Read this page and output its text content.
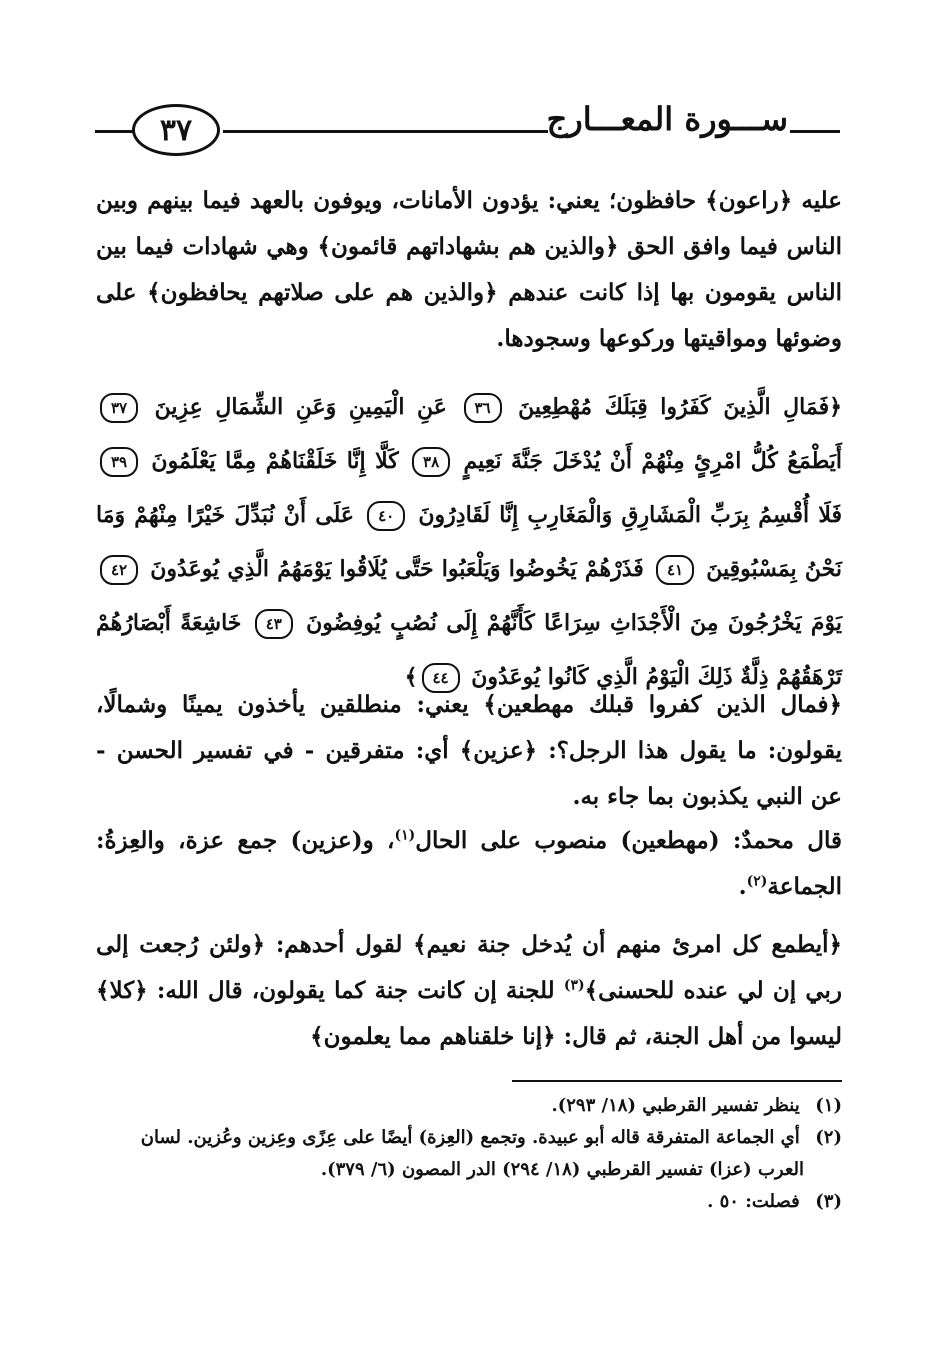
٣٧	ســـورة المعـــارج
عليه ﴿راعون﴾ حافظون؛ يعني: يؤدون الأمانات، ويوفون بالعهد فيما بينهم وبين الناس فيما وافق الحق ﴿والذين هم بشهاداتهم قائمون﴾ وهي شهادات فيما بين الناس يقومون بها إذا كانت عندهم ﴿والذين هم على صلاتهم يحافظون﴾ على وضوئها ومواقيتها وركوعها وسجودها.
﴿فَمَالِ الَّذِينَ كَفَرُوا قِبَلَكَ مُهْطِعِينَ ٣٦ عَنِ الْيَمِينِ وَعَنِ الشِّمَالِ عِزِينَ ٣٧ أَيَطْمَعُ كُلُّ امْرِئٍ مِنْهُمْ أَنْ يُدْخَلَ جَنَّةَ نَعِيمٍ ٣٨ كَلَّا إِنَّا خَلَقْنَاهُمْ مِمَّا يَعْلَمُونَ ٣٩ فَلَا أُقْسِمُ بِرَبِّ الْمَشَارِقِ وَالْمَغَارِبِ إِنَّا لَقَادِرُونَ ٤٠ عَلَى أَنْ نُبَدِّلَ خَيْرًا مِنْهُمْ وَمَا نَحْنُ بِمَسْبُوقِينَ ٤١ فَذَرْهُمْ يَخُوضُوا وَيَلْعَبُوا حَتَّى يُلَاقُوا يَوْمَهُمُ الَّذِي يُوعَدُونَ ٤٢ يَوْمَ يَخْرُجُونَ مِنَ الْأَجْدَاثِ سِرَاعًا كَأَنَّهُمْ إِلَى نُصُبٍ يُوفِضُونَ ٤٣ خَاشِعَةً أَبْصَارُهُمْ تَرْهَقُهُمْ ذِلَّةٌ ذَلِكَ الْيَوْمُ الَّذِي كَانُوا يُوعَدُونَ ٤٤﴾
﴿فمال الذين كفروا قبلك مهطعين﴾ يعني: منطلقين يأخذون يمينًا وشمالًا، يقولون: ما يقول هذا الرجل؟: ﴿عزين﴾ أي: متفرقين - في تفسير الحسن - عن النبي يكذبون بما جاء به.
قال محمدٌ: (مهطعين) منصوب على الحال$^{(١)}$، و(عزين) جمع عزة، والعِزةُ: الجماعة$^{(٢)}$.
﴿أيطمع كل امرئ منهم أن يُدخل جنة نعيم﴾ لقول أحدهم: ﴿ولئن رُجعت إلى ربي إن لي عنده للحسنى﴾$^{(٣)}$ للجنة إن كانت جنة كما يقولون، قال الله: ﴿كلا﴾ ليسوا من أهل الجنة، ثم قال: ﴿إنا خلقناهم مما يعلمون﴾

(١) ينظر تفسير القرطبي (١٨/ ٢٩٣).

(٢) أي الجماعة المتفرقة قاله أبو عبيدة. وتجمع (العِزة) أيضًا على عِزًى وعِزين وعُزين. لسان

العرب (عزا) تفسير القرطبي (١٨/ ٢٩٤) الدر المصون (٦/ ٣٧٩).

(٣) فصلت: ٥٠ .
